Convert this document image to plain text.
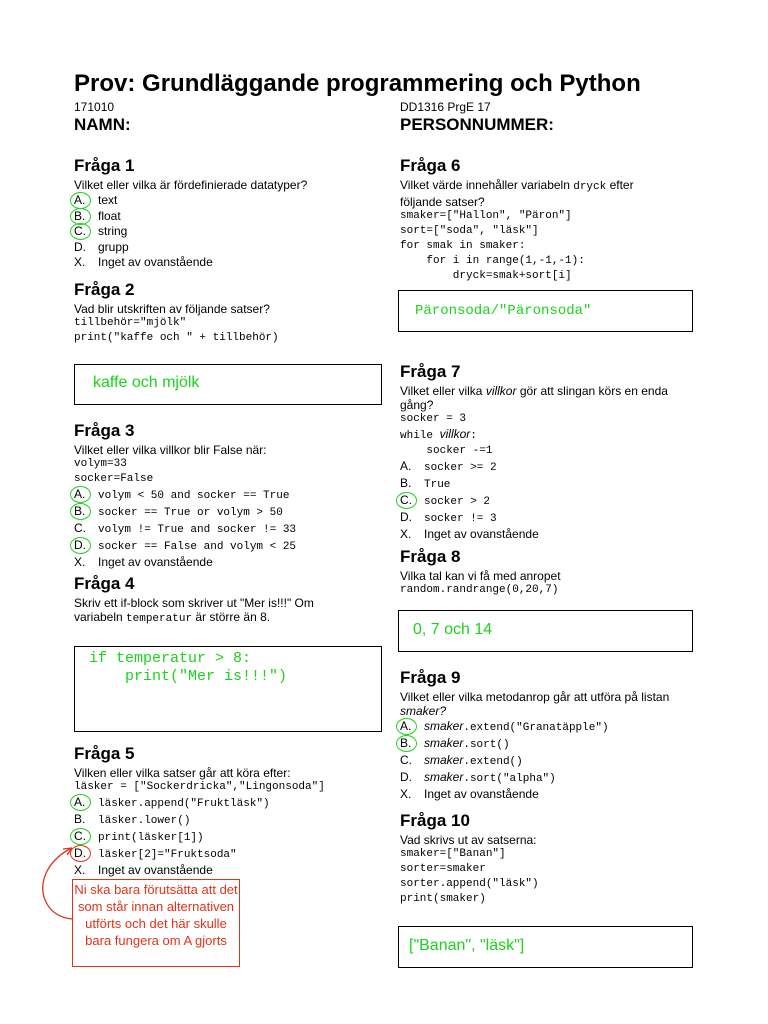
Prov: Grundläggande programmering och Python
171010	DD1316 PrgE 17
NAMN:	PERSONNUMMER:
Fråga 1
Vilket eller vilka är fördefinierade datatyper?
A. text
B. float
C. string
D. grupp
X. Inget av ovanstående
Fråga 2
Vad blir utskriften av följande satser?
tillbehör="mjölk"
print("kaffe och " + tillbehör)
kaffe och mjölk
Fråga 3
Vilket eller vilka villkor blir False när:
volym=33
socker=False
A. volym < 50 and socker == True
B. socker == True or volym > 50
C. volym != True and socker != 33
D. socker == False and volym < 25
X. Inget av ovanstående
Fråga 4
Skriv ett if-block som skriver ut "Mer is!!!" Om
variabeln temperatur är större än 8.
if temperatur > 8:
print("Mer is!!!")
Fråga 5
Vilken eller vilka satser går att köra efter:
läsker = ["Sockerdricka","Lingonsoda"]
A. läsker.append("Fruktläsk")
B. läsker.lower()
C. print(läsker[1])
D. läsker[2]="Fruktsoda"
X. Inget av ovanstående
Ni ska bara förutsätta att det som står innan alternativen utförts och det här skulle bara fungera om A gjorts
Fråga 6
Vilket värde innehåller variabeln dryck efter
följande satser?
smaker=["Hallon", "Päron"]
sort=["soda", "läsk"]
for smak in smaker:
for i in range(1,-1,-1):
dryck=smak+sort[i]
Päronsoda/"Päronsoda"
Fråga 7
Vilket eller vilka villkor gör att slingan körs en enda
gång?
socker = 3
while villkor:
socker -=1
A. socker >= 2
B. True
C. socker > 2
D. socker != 3
X. Inget av ovanstående
Fråga 8
Vilka tal kan vi få med anropet
random.randrange(0,20,7)
0, 7 och 14
Fråga 9
Vilket eller vilka metodanrop går att utföra på listan
smaker?
A. smaker.extend("Granatäpple")
B. smaker.sort()
C. smaker.extend()
D. smaker.sort("alpha")
X. Inget av ovanstående
Fråga 10
Vad skrivs ut av satserna:
smaker=["Banan"]
sorter=smaker
sorter.append("läsk")
print(smaker)
["Banan", "läsk"]
